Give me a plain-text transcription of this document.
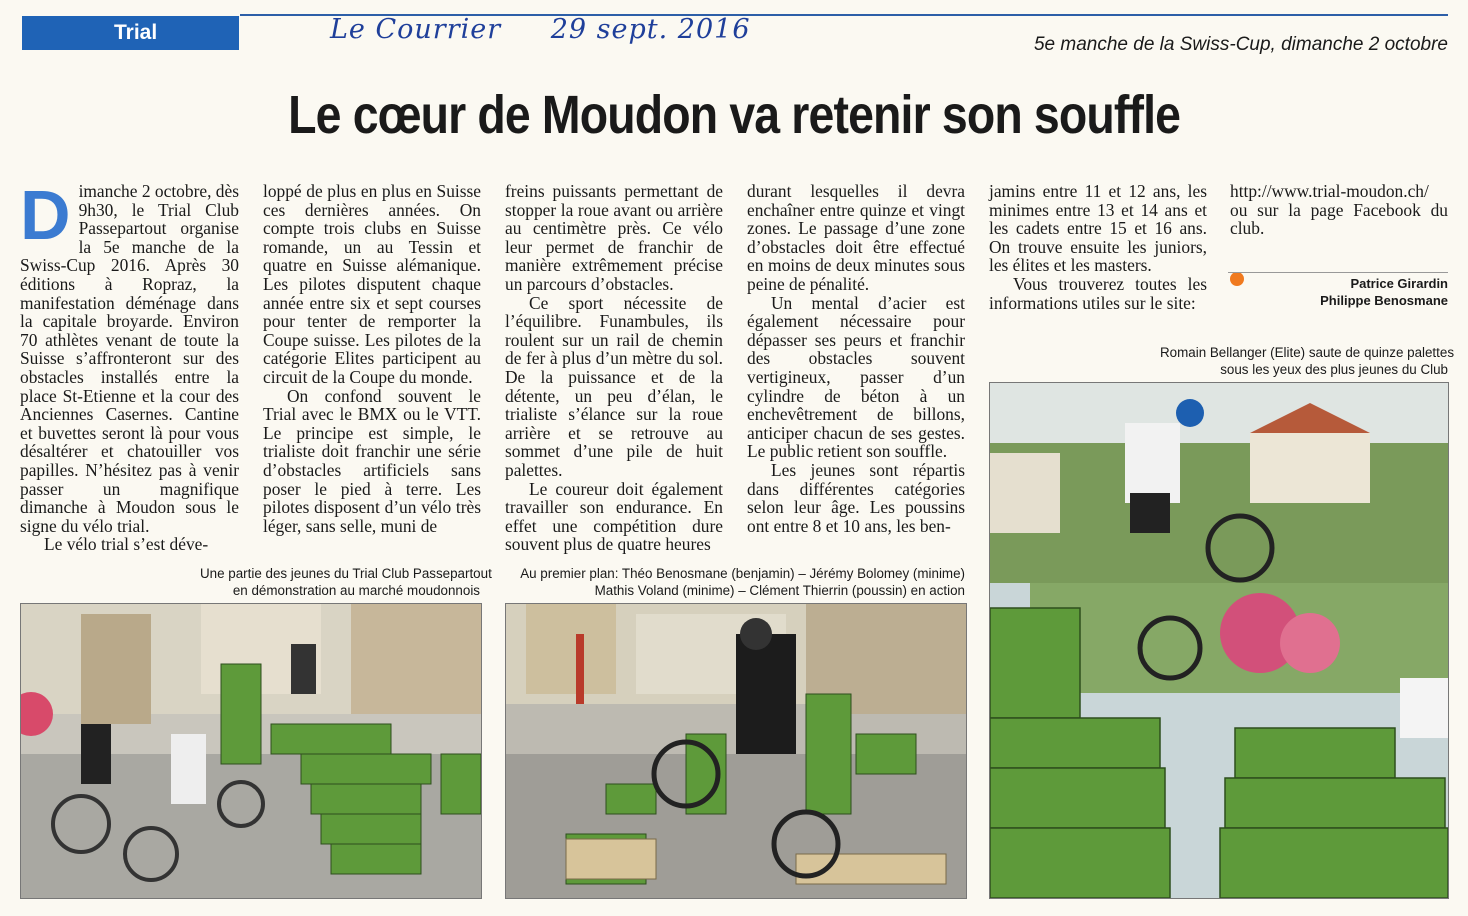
Trial	Le Courrier 29 sept. 2016	5e manche de la Swiss-Cup, dimanche 2 octobre
Le cœur de Moudon va retenir son souffle

Dimanche 2 octobre, dès 9h30, le Trial Club Passepartout organise la 5e manche de la Swiss-Cup 2016. Après 30 éditions à Ropraz, la manifestation déménage dans la capitale broyarde. Environ 70 athlètes venant de toute la Suisse s’affronteront sur des obstacles installés entre la place St-Etienne et la cour des Anciennes Casernes. Cantine et buvettes seront là pour vous désaltérer et chatouiller vos papilles. N’hésitez pas à venir passer un magnifique dimanche à Moudon sous le signe du vélo trial.

Le vélo trial s’est déve-

loppé de plus en plus en Suisse ces dernières années. On compte trois clubs en Suisse romande, un au Tessin et quatre en Suisse alémanique. Les pilotes disputent chaque année entre six et sept courses pour tenter de remporter la Coupe suisse. Les pilotes de la catégorie Elites participent au circuit de la Coupe du monde.

On confond souvent le Trial avec le BMX ou le VTT. Le principe est simple, le trialiste doit franchir une série d’obstacles artificiels sans poser le pied à terre. Les pilotes disposent d’un vélo très léger, sans selle, muni de

freins puissants permettant de stopper la roue avant ou arrière au centimètre près. Ce vélo leur permet de franchir de manière extrêmement précise un parcours d’obstacles.

Ce sport nécessite de l’équilibre. Funambules, ils roulent sur un rail de chemin de fer à plus d’un mètre du sol. De la puissance et de la détente, un peu d’élan, le trialiste s’élance sur la roue arrière et se retrouve au sommet d’une pile de huit palettes.

Le coureur doit également travailler son endurance. En effet une compétition dure souvent plus de quatre heures

durant lesquelles il devra enchaîner entre quinze et vingt zones. Le passage d’une zone d’obstacles doit être effectué en moins de deux minutes sous peine de pénalité.

Un mental d’acier est également nécessaire pour dépasser ses peurs et franchir des obstacles souvent vertigineux, passer d’un cylindre de béton à un enchevêtrement de billons, anticiper chacun de ses gestes. Le public retient son souffle.

Les jeunes sont répartis dans différentes catégories selon leur âge. Les poussins ont entre 8 et 10 ans, les ben-

jamins entre 11 et 12 ans, les minimes entre 13 et 14 ans et les cadets entre 15 et 16 ans. On trouve ensuite les juniors, les élites et les masters.

Vous trouverez toutes les informations utiles sur le site:

http://www.trial-moudon.ch/ ou sur la page Facebook du club.

Patrice Girardin
Philippe Benosmane
Une partie des jeunes du Trial Club Passepartout
en démonstration au marché moudonnois
Au premier plan: Théo Benosmane (benjamin) – Jérémy Bolomey (minime)
Mathis Voland (minime) – Clément Thierrin (poussin) en action
Romain Bellanger (Elite) saute de quinze palettes
sous les yeux des plus jeunes du Club
